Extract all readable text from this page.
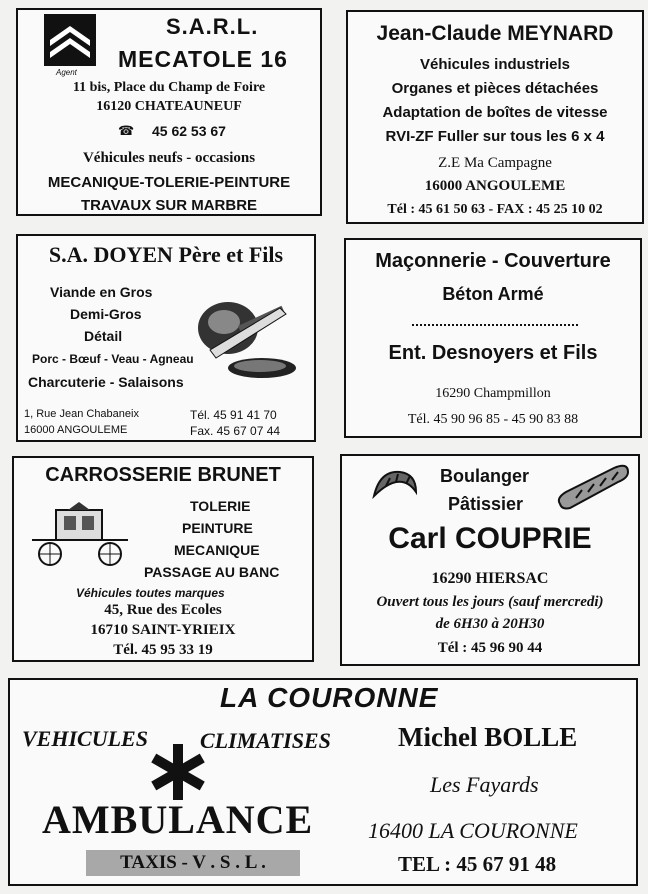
Agent
S.A.R.L.
MECATOLE 16
11 bis, Place du Champ de Foire
16120 CHATEAUNEUF
☎ 45 62 53 67
Véhicules neufs - occasions
MECANIQUE-TOLERIE-PEINTURE
TRAVAUX SUR MARBRE
Jean-Claude MEYNARD
Véhicules industriels
Organes et pièces détachées
Adaptation de boîtes de vitesse
RVI-ZF Fuller sur tous les 6 x 4
Z.E Ma Campagne
16000 ANGOULEME
Tél : 45 61 50 63 - FAX : 45 25 10 02
S.A. DOYEN Père et Fils
Viande en Gros
Demi-Gros
Détail
Porc - Bœuf - Veau - Agneau
Charcuterie - Salaisons
1, Rue Jean Chabaneix
16000 ANGOULEME
Tél. 45 91 41 70
Fax. 45 67 07 44
Maçonnerie - Couverture
Béton Armé
Ent. Desnoyers et Fils
16290 Champmillon
Tél. 45 90 96 85 - 45 90 83 88
CARROSSERIE BRUNET
TOLERIE
PEINTURE
MECANIQUE
PASSAGE AU BANC
Véhicules toutes marques
45, Rue des Ecoles
16710 SAINT-YRIEIX
Tél. 45 95 33 19
Boulanger
Pâtissier
Carl COUPRIE
16290 HIERSAC
Ouvert tous les jours (sauf mercredi)
de 6H30 à 20H30
Tél : 45 96 90 44
LA COURONNE
VEHICULES CLIMATISES
AMBULANCE
TAXIS - V . S . L .
Michel BOLLE
Les Fayards
16400 LA COURONNE
TEL : 45 67 91 48
